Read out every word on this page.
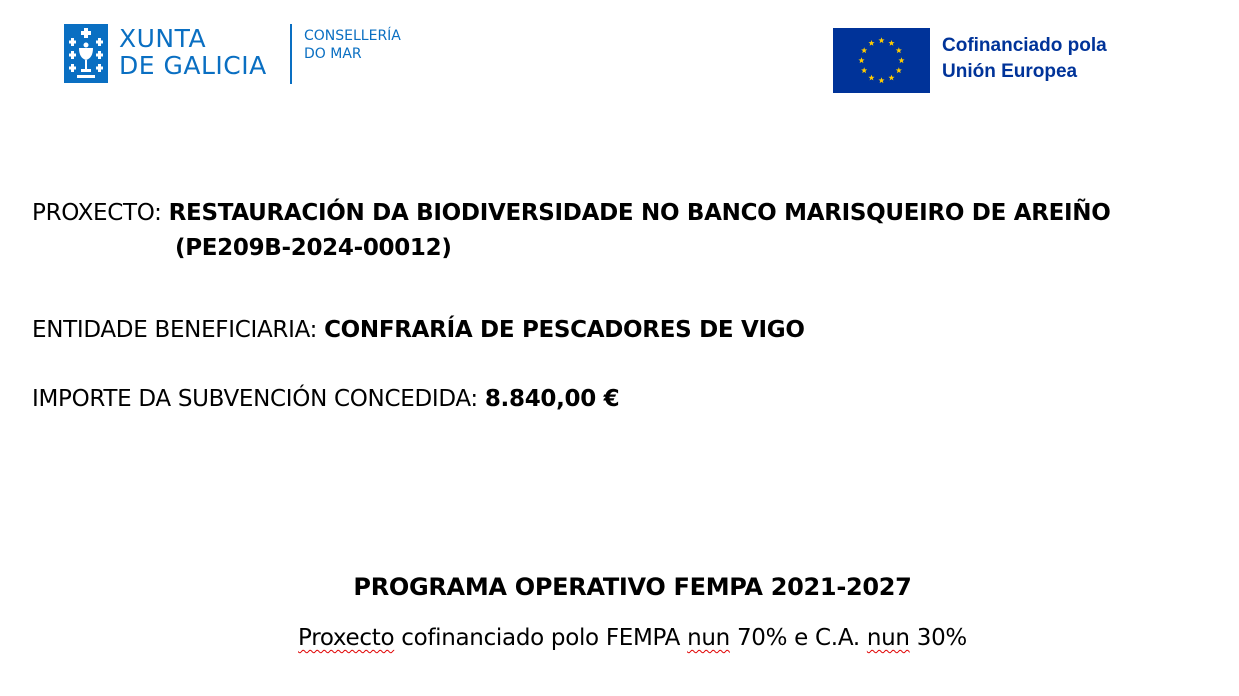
XUNTA
DE GALICIA
CONSELLERÍA
DO MAR	Cofinanciado pola
Unión Europea
PROXECTO: RESTAURACIÓN DA BIODIVERSIDADE NO BANCO MARISQUEIRO DE AREIÑO
(PE209B-2024-00012)
ENTIDADE BENEFICIARIA: CONFRARÍA DE PESCADORES DE VIGO
IMPORTE DA SUBVENCIÓN CONCEDIDA: 8.840,00 €
PROGRAMA OPERATIVO FEMPA 2021-2027
Proxecto cofinanciado polo FEMPA nun 70% e C.A. nun 30%
